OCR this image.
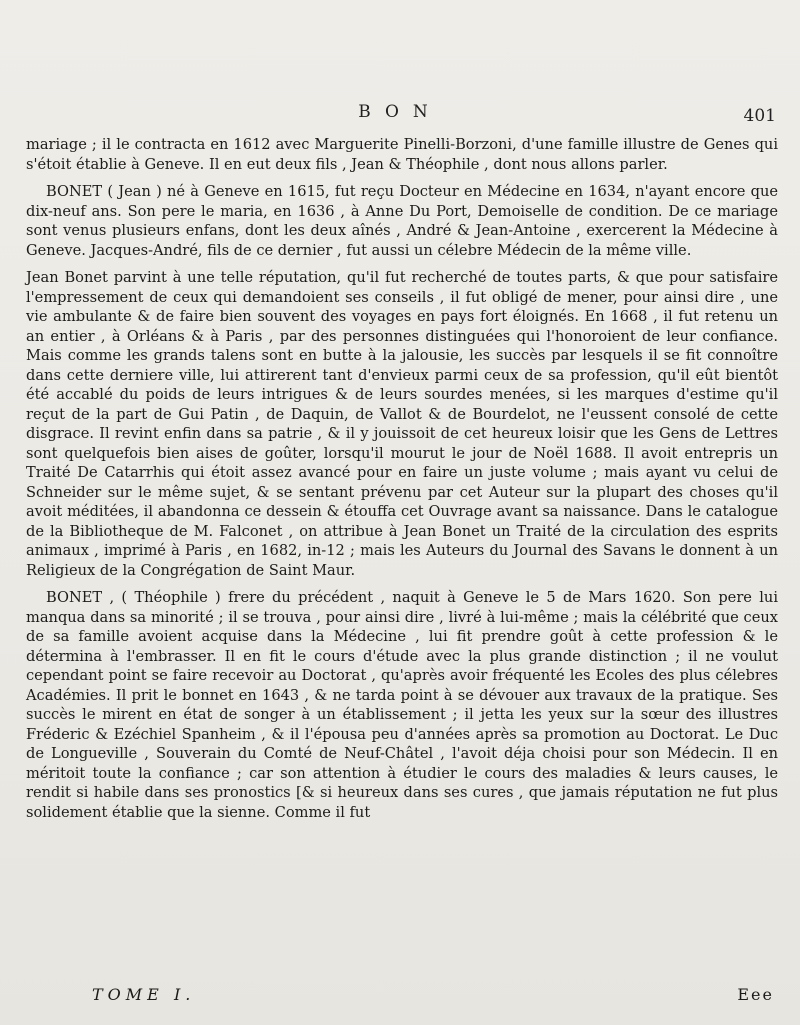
BON	401

mariage ; il le contracta en 1612 avec Marguerite Pinelli-Borzoni, d'une famille illustre de Genes qui s'étoit établie à Geneve. Il en eut deux fils , Jean & Théophile , dont nous allons parler.

BONET ( Jean ) né à Geneve en 1615, fut reçu Docteur en Médecine en 1634, n'ayant encore que dix-neuf ans. Son pere le maria, en 1636 , à Anne Du Port, Demoiselle de condition. De ce mariage sont venus plusieurs enfans, dont les deux aînés , André & Jean-Antoine , exercerent la Médecine à Geneve. Jacques-André, fils de ce dernier , fut aussi un célebre Médecin de la même ville.

Jean Bonet parvint à une telle réputation, qu'il fut recherché de toutes parts, & que pour satisfaire l'empressement de ceux qui demandoient ses conseils , il fut obligé de mener, pour ainsi dire , une vie ambulante & de faire bien souvent des voyages en pays fort éloignés. En 1668 , il fut retenu un an entier , à Orléans & à Paris , par des personnes distinguées qui l'honoroient de leur confiance. Mais comme les grands talens sont en butte à la jalousie, les succès par lesquels il se fit connoître dans cette derniere ville, lui attirerent tant d'envieux parmi ceux de sa profession, qu'il eût bientôt été accablé du poids de leurs intrigues & de leurs sourdes menées, si les marques d'estime qu'il reçut de la part de Gui Patin , de Daquin, de Vallot & de Bourdelot, ne l'eussent consolé de cette disgrace. Il revint enfin dans sa patrie , & il y jouissoit de cet heureux loisir que les Gens de Lettres sont quelquefois bien aises de goûter, lorsqu'il mourut le jour de Noël 1688. Il avoit entrepris un Traité De Catarrhis qui étoit assez avancé pour en faire un juste volume ; mais ayant vu celui de Schneider sur le même sujet, & se sentant prévenu par cet Auteur sur la plupart des choses qu'il avoit méditées, il abandonna ce dessein & étouffa cet Ouvrage avant sa naissance. Dans le catalogue de la Bibliotheque de M. Falconet , on attribue à Jean Bonet un Traité de la circulation des esprits animaux , imprimé à Paris , en 1682, in-12 ; mais les Auteurs du Journal des Savans le donnent à un Religieux de la Congrégation de Saint Maur.

BONET , ( Théophile ) frere du précédent , naquit à Geneve le 5 de Mars 1620. Son pere lui manqua dans sa minorité ; il se trouva , pour ainsi dire , livré à lui-même ; mais la célébrité que ceux de sa famille avoient acquise dans la Médecine , lui fit prendre goût à cette profession & le détermina à l'embrasser. Il en fit le cours d'étude avec la plus grande distinction ; il ne voulut cependant point se faire recevoir au Doctorat , qu'après avoir fréquenté les Ecoles des plus célebres Académies. Il prit le bonnet en 1643 , & ne tarda point à se dévouer aux travaux de la pratique. Ses succès le mirent en état de songer à un établissement ; il jetta les yeux sur la sœur des illustres Fréderic & Ezéchiel Spanheim , & il l'épousa peu d'années après sa promotion au Doctorat. Le Duc de Longueville , Souverain du Comté de Neuf-Châtel , l'avoit déja choisi pour son Médecin. Il en méritoit toute la confiance ; car son attention à étudier le cours des maladies & leurs causes, le rendit si habile dans ses pronostics [& si heureux dans ses cures , que jamais réputation ne fut plus solidement établie que la sienne. Comme il fut

TOME I.	Eee
